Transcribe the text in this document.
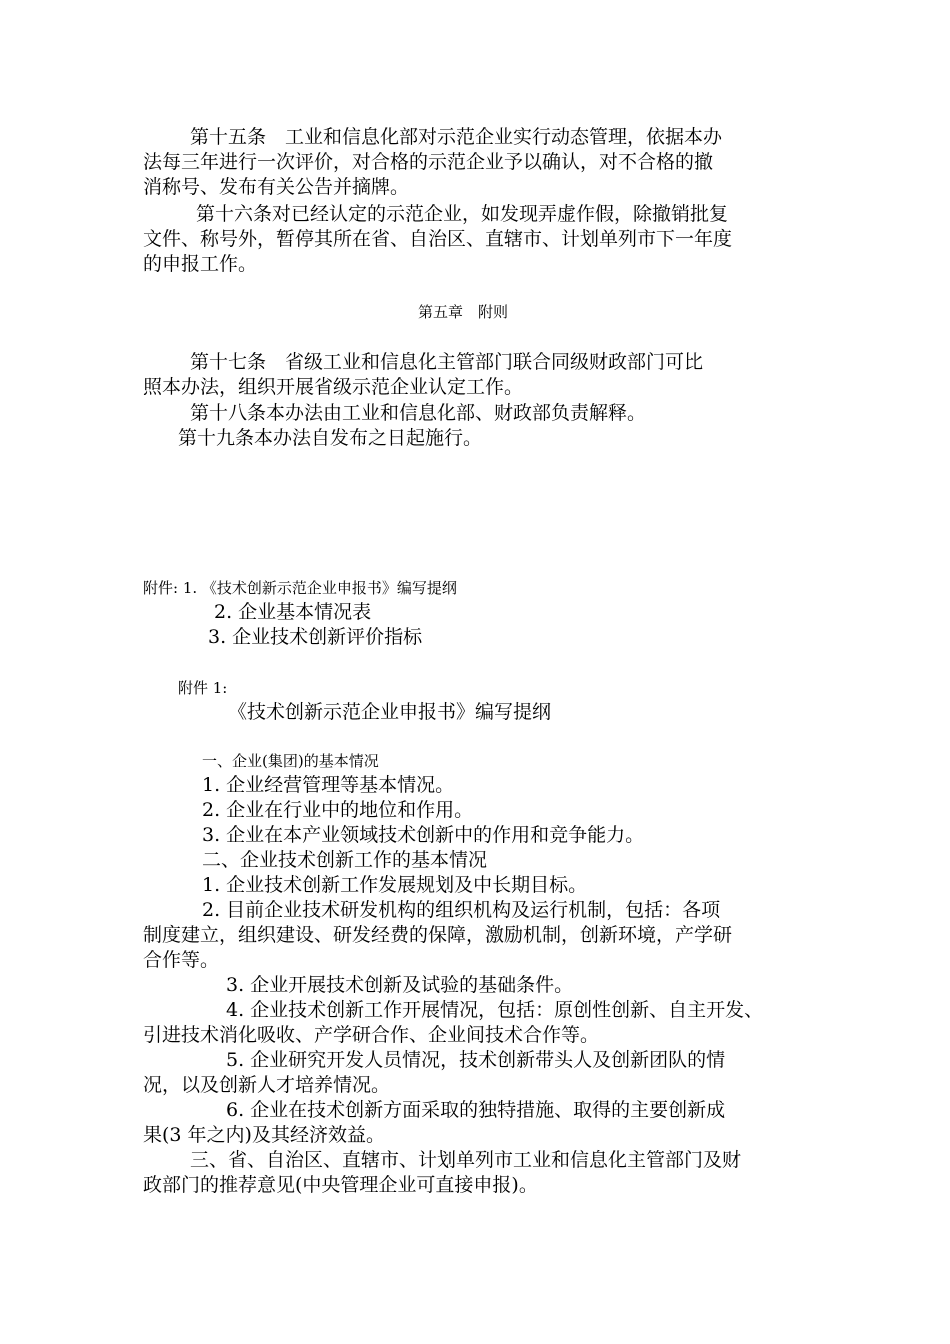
第十五条　工业和信息化部对示范企业实行动态管理，依据本办
法每三年进行一次评价，对合格的示范企业予以确认，对不合格的撤
消称号、发布有关公告并摘牌。
第十六条对已经认定的示范企业，如发现弄虚作假，除撤销批复
文件、称号外，暂停其所在省、自治区、直辖市、计划单列市下一年度
的申报工作。
第五章　附则
第十七条　省级工业和信息化主管部门联合同级财政部门可比
照本办法，组织开展省级示范企业认定工作。
第十八条本办法由工业和信息化部、财政部负责解释。
第十九条本办法自发布之日起施行。
附件: 1. 《技术创新示范企业申报书》编写提纲
2. 企业基本情况表
3. 企业技术创新评价指标
附件 1:
《技术创新示范企业申报书》编写提纲
一、企业(集团)的基本情况
1. 企业经营管理等基本情况。
2. 企业在行业中的地位和作用。
3. 企业在本产业领域技术创新中的作用和竞争能力。
二、企业技术创新工作的基本情况
1. 企业技术创新工作发展规划及中长期目标。
2. 目前企业技术研发机构的组织机构及运行机制，包括：各项
制度建立，组织建设、研发经费的保障，激励机制，创新环境，产学研
合作等。
3. 企业开展技术创新及试验的基础条件。
4. 企业技术创新工作开展情况，包括：原创性创新、自主开发、
引进技术消化吸收、产学研合作、企业间技术合作等。
5. 企业研究开发人员情况，技术创新带头人及创新团队的情
况，以及创新人才培养情况。
6. 企业在技术创新方面采取的独特措施、取得的主要创新成
果(3 年之内)及其经济效益。
三、省、自治区、直辖市、计划单列市工业和信息化主管部门及财
政部门的推荐意见(中央管理企业可直接申报)。
